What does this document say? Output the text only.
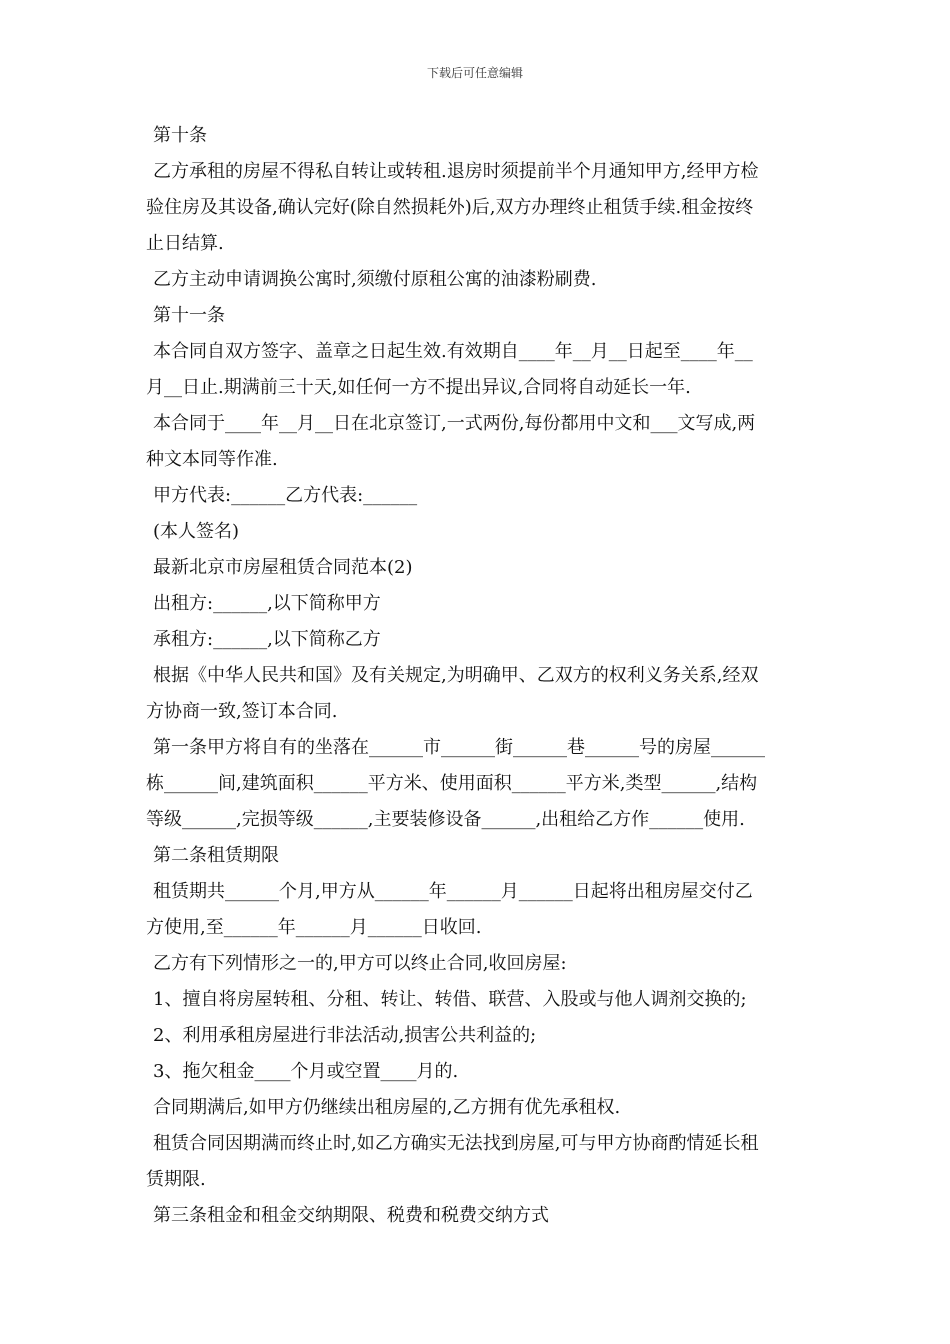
下载后可任意编辑
第十条
乙方承租的房屋不得私自转让或转租.退房时须提前半个月通知甲方,经甲方检
验住房及其设备,确认完好(除自然损耗外)后,双方办理终止租赁手续.租金按终
止日结算.
乙方主动申请调换公寓时,须缴付原租公寓的油漆粉刷费.
第十一条
本合同自双方签字、盖章之日起生效.有效期自____年__月__日起至____年__
月__日止.期满前三十天,如任何一方不提出异议,合同将自动延长一年.
本合同于____年__月__日在北京签订,一式两份,每份都用中文和___文写成,两
种文本同等作准.
甲方代表:______乙方代表:______
(本人签名)
最新北京市房屋租赁合同范本(2)
出租方:______,以下简称甲方
承租方:______,以下简称乙方
根据《中华人民共和国》及有关规定,为明确甲、乙双方的权利义务关系,经双
方协商一致,签订本合同.
第一条甲方将自有的坐落在______市______街______巷______号的房屋______
栋______间,建筑面积______平方米、使用面积______平方米,类型______,结构
等级______,完损等级______,主要装修设备______,出租给乙方作______使用.
第二条租赁期限
租赁期共______个月,甲方从______年______月______日起将出租房屋交付乙
方使用,至______年______月______日收回.
乙方有下列情形之一的,甲方可以终止合同,收回房屋:
1、擅自将房屋转租、分租、转让、转借、联营、入股或与他人调剂交换的;
2、利用承租房屋进行非法活动,损害公共利益的;
3、拖欠租金____个月或空置____月的.
合同期满后,如甲方仍继续出租房屋的,乙方拥有优先承租权.
租赁合同因期满而终止时,如乙方确实无法找到房屋,可与甲方协商酌情延长租
赁期限.
第三条租金和租金交纳期限、税费和税费交纳方式
